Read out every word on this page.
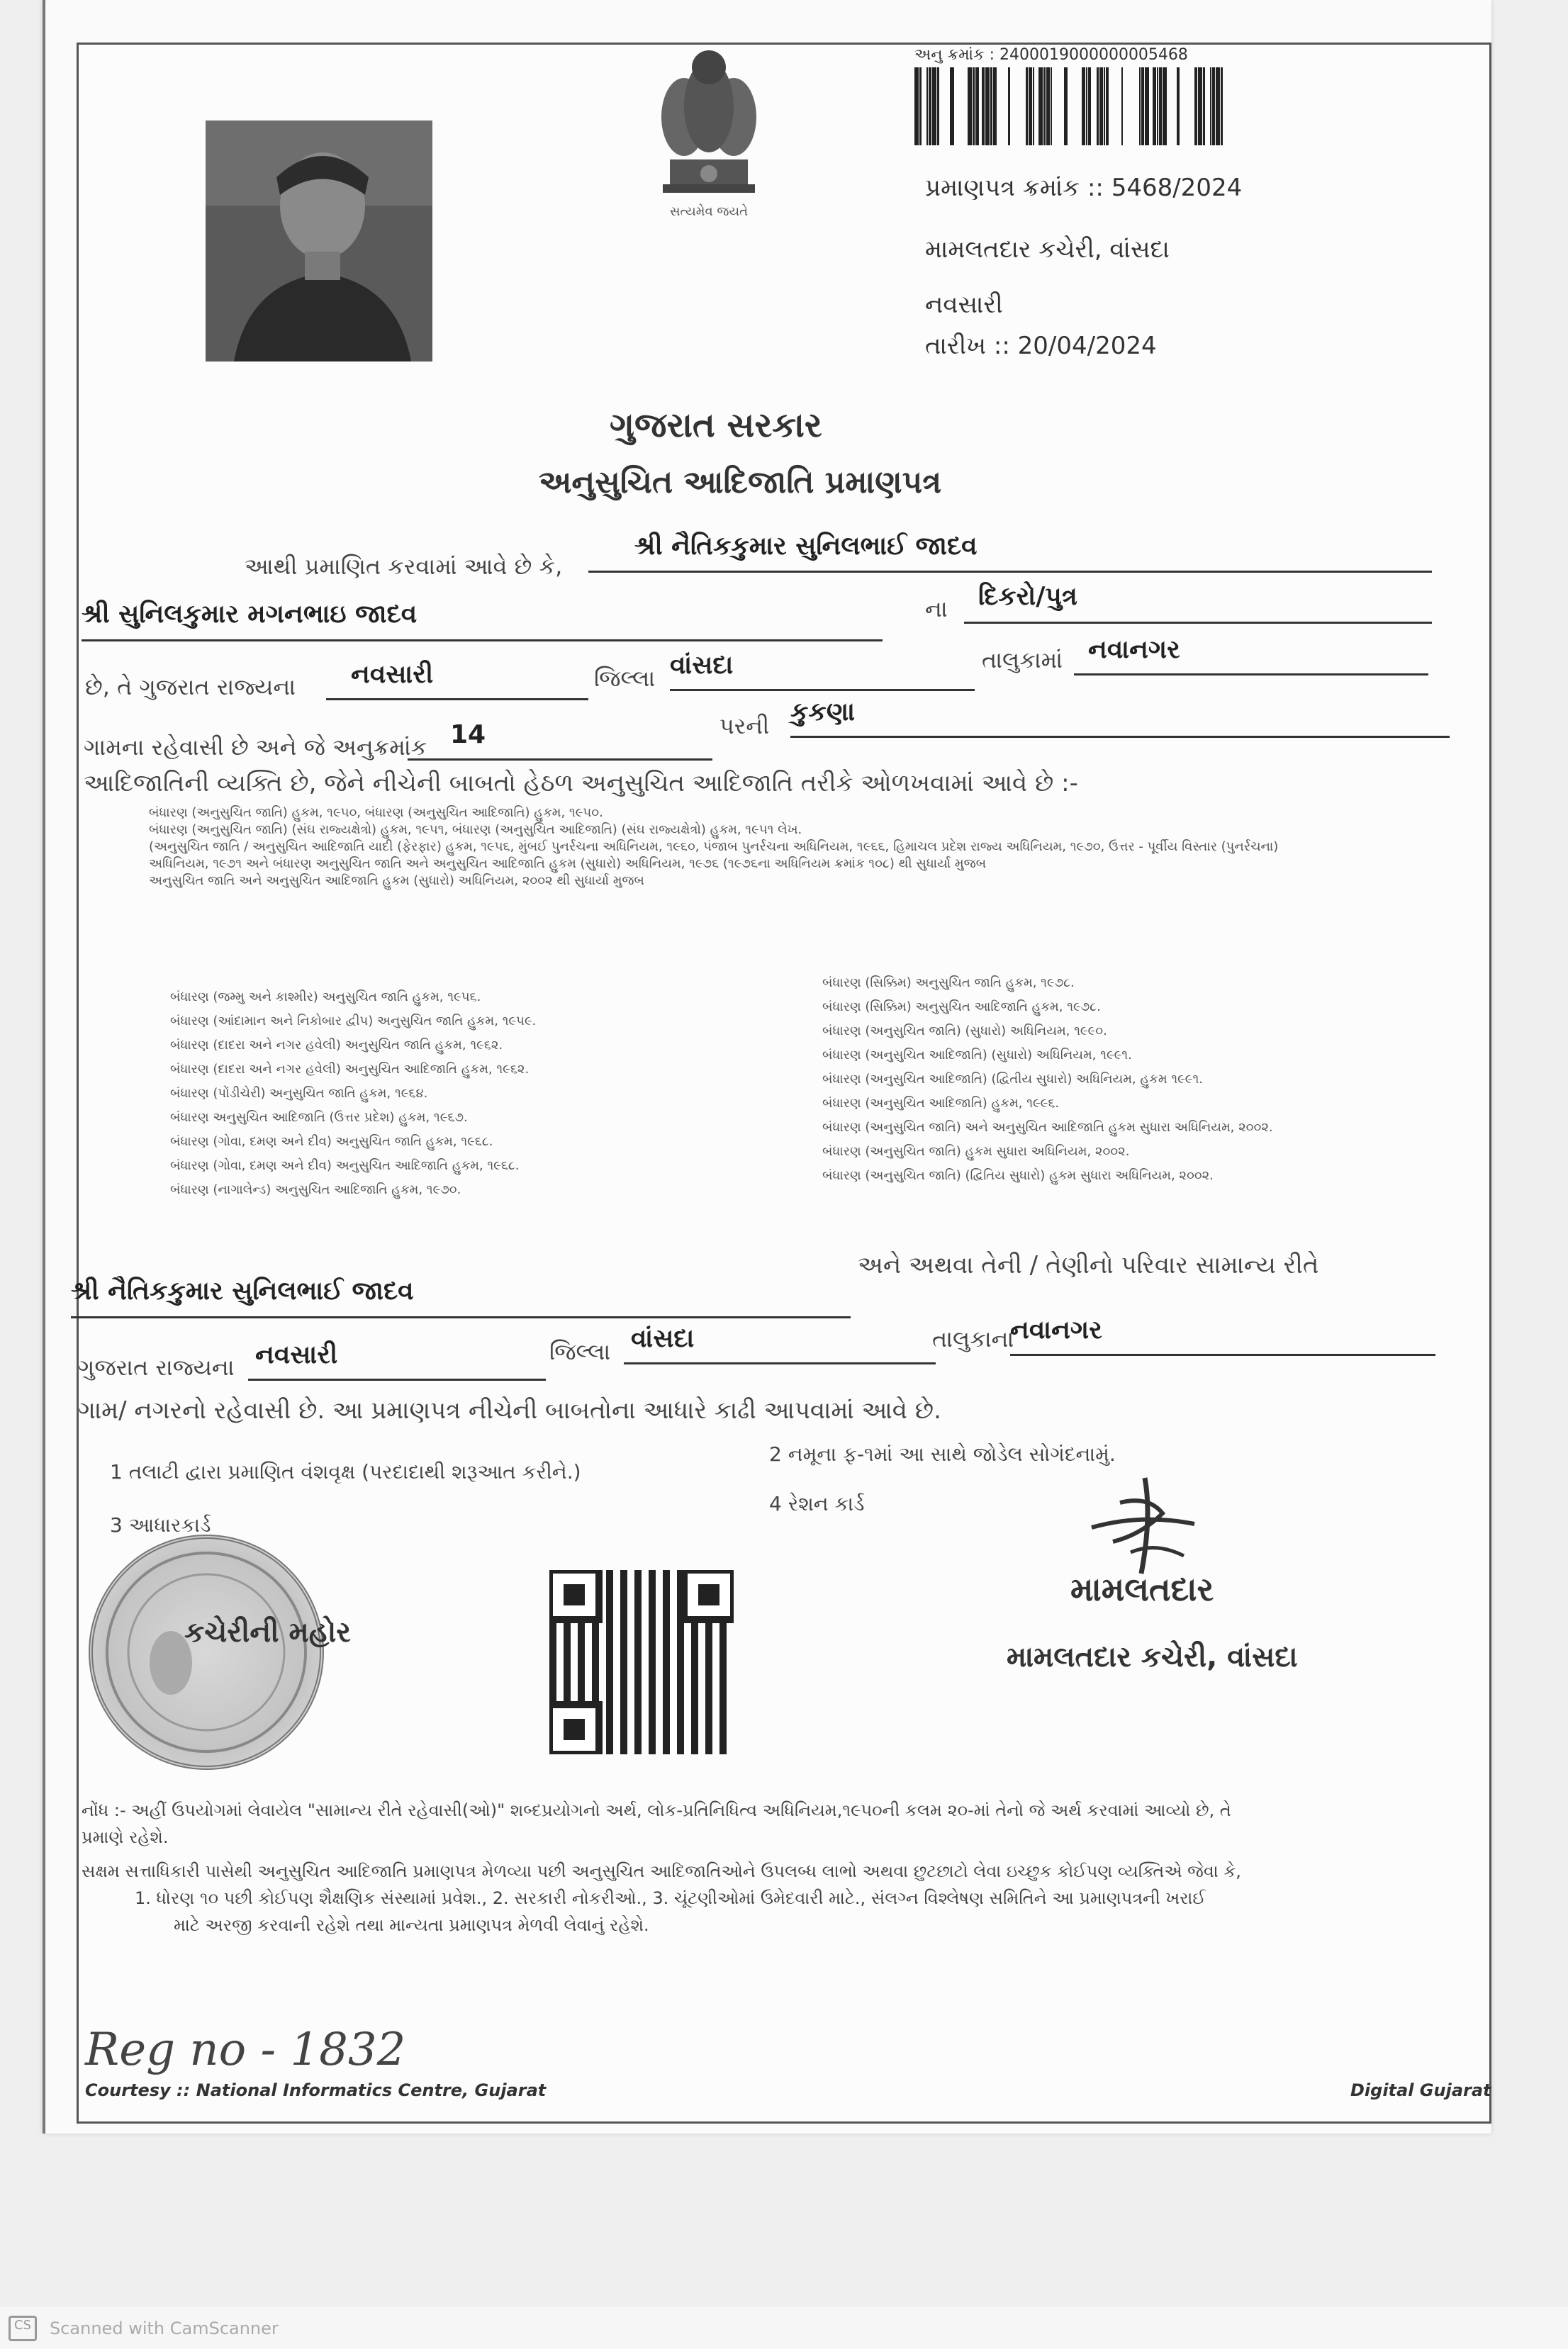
સત્યમેવ જયતે
અનુ ક્રમાંક : 2400019000000005468
પ્રમાણપત્ર ક્રમાંક :: 5468/2024
મામલતદાર કચેરી, વાંસદા
નવસારી
તારીખ :: 20/04/2024
ગુજરાત સરકાર
અનુસુચિત આદિજાતિ પ્રમાણપત્ર
આથી પ્રમાણિત કરવામાં આવે છે કે,
શ્રી નૈતિકકુમાર સુનિલભાઈ જાદવ
શ્રી સુનિલકુમાર મગનભાઇ જાદવ	ના દિકરો/પુત્ર
છે, તે ગુજરાત રાજ્યના નવસારી	જિલ્લા વાંસદા	તાલુકામાં નવાનગર
ગામના રહેવાસી છે અને જે અનુક્રમાંક 14	પરની કુકણા
આદિજાતિની વ્યક્તિ છે, જેને નીચેની બાબતો હેઠળ અનુસુચિત આદિજાતિ તરીકે ઓળખવામાં આવે છે :-
બંધારણ (અનુસુચિત જાતિ) હુકમ, ૧૯૫૦, બંધારણ (અનુસુચિત આદિજાતિ) હુકમ, ૧૯૫૦.
બંધારણ (અનુસુચિત જાતિ) (સંઘ રાજ્યક્ષેત્રો) હુકમ, ૧૯૫૧, બંધારણ (અનુસુચિત આદિજાતિ) (સંઘ રાજ્યક્ષેત્રો) હુકમ, ૧૯૫૧ લેખ.
(અનુસુચિત જાતિ / અનુસુચિત આદિજાતિ યાદી (ફેરફાર) હુકમ, ૧૯૫૬, મુંબઈ પુનર્રચના અધિનિયમ, ૧૯૬૦, પંજાબ પુનર્રચના અધિનિયમ, ૧૯૬૬, હિમાચલ પ્રદેશ રાજ્ય અધિનિયમ, ૧૯૭૦, ઉત્તર - પૂર્વીય વિસ્તાર (પુનર્રચના)
અધિનિયમ, ૧૯૭૧ અને બંધારણ અનુસુચિત જાતિ અને અનુસુચિત આદિજાતિ હુકમ (સુધારો) અધિનિયમ, ૧૯૭૬ (૧૯૭૬ના અધિનિયમ ક્રમાંક ૧૦૮) થી સુધાર્યા મુજબ
અનુસુચિત જાતિ અને અનુસુચિત આદિજાતિ હુકમ (સુધારો) અધિનિયમ, ૨૦૦૨ થી સુધાર્યા મુજબ
બંધારણ (જમ્મુ અને કાશ્મીર) અનુસુચિત જાતિ હુકમ, ૧૯૫૬.
બંધારણ (આંદામાન અને નિકોબાર દ્વીપ) અનુસુચિત જાતિ હુકમ, ૧૯૫૯.
બંધારણ (દાદરા અને નગર હવેલી) અનુસુચિત જાતિ હુકમ, ૧૯૬૨.
બંધારણ (દાદરા અને નગર હવેલી) અનુસુચિત આદિજાતિ હુકમ, ૧૯૬૨.
બંધારણ (પોંડીચેરી) અનુસુચિત જાતિ હુકમ, ૧૯૬૪.
બંધારણ અનુસુચિત આદિજાતિ (ઉત્તર પ્રદેશ) હુકમ, ૧૯૬૭.
બંધારણ (ગોવા, દમણ અને દીવ) અનુસુચિત જાતિ હુકમ, ૧૯૬૮.
બંધારણ (ગોવા, દમણ અને દીવ) અનુસુચિત આદિજાતિ હુકમ, ૧૯૬૮.
બંધારણ (નાગાલેન્ડ) અનુસુચિત આદિજાતિ હુકમ, ૧૯૭૦.
બંધારણ (સિક્કિમ) અનુસુચિત જાતિ હુકમ, ૧૯૭૮.
બંધારણ (સિક્કિમ) અનુસુચિત આદિજાતિ હુકમ, ૧૯૭૮.
બંધારણ (અનુસુચિત જાતિ) (સુધારો) અધિનિયમ, ૧૯૯૦.
બંધારણ (અનુસુચિત આદિજાતિ) (સુધારો) અધિનિયમ, ૧૯૯૧.
બંધારણ (અનુસુચિત આદિજાતિ) (દ્વિતીય સુધારો) અધિનિયમ, હુકમ ૧૯૯૧.
બંધારણ (અનુસુચિત આદિજાતિ) હુકમ, ૧૯૯૬.
બંધારણ (અનુસુચિત જાતિ) અને અનુસુચિત આદિજાતિ હુકમ સુધારા અધિનિયમ, ૨૦૦૨.
બંધારણ (અનુસુચિત જાતિ) હુકમ સુધારા અધિનિયમ, ૨૦૦૨.
બંધારણ (અનુસુચિત જાતિ) (દ્વિતિય સુધારો) હુકમ સુધારા અધિનિયમ, ૨૦૦૨.
શ્રી નૈતિકકુમાર સુનિલભાઈ જાદવ
અને અથવા તેની / તેણીનો પરિવાર સામાન્ય રીતે
ગુજરાત રાજ્યના નવસારી	જિલ્લા વાંસદા	તાલુકાના
નવાનગર
ગામ/ નગરનો રહેવાસી છે. આ પ્રમાણપત્ર નીચેની બાબતોના આધારે કાઢી આપવામાં આવે છે.
1 તલાટી દ્વારા પ્રમાણિત વંશવૃક્ષ (પરદાદાથી શરૂઆત કરીને.)
2 નમૂના ફ-૧માં આ સાથે જોડેલ સોગંદનામું.
3 આધારકાર્ડ
4 રેશન કાર્ડ
કચેરીની મહોર
મામલતદાર
મામલતદાર કચેરી, વાંસદા
નોંધ :- અહીં ઉપયોગમાં લેવાયેલ "સામાન્ય રીતે રહેવાસી(ઓ)" શબ્દપ્રયોગનો અર્થ, લોક-પ્રતિનિધિત્વ અધિનિયમ,૧૯૫૦ની કલમ ૨૦-માં તેનો જે અર્થ કરવામાં આવ્યો છે, તે
પ્રમાણે રહેશે.
સક્ષમ સત્તાધિકારી પાસેથી અનુસુચિત આદિજાતિ પ્રમાણપત્ર મેળવ્યા પછી અનુસુચિત આદિજાતિઓને ઉપલબ્ધ લાભો અથવા છુટછાટો લેવા ઇચ્છુક કોઈપણ વ્યક્તિએ જેવા કે,
1. ધોરણ ૧૦ પછી કોઈપણ શૈક્ષણિક સંસ્થામાં પ્રવેશ., 2. સરકારી નોકરીઓ., 3. ચૂંટણીઓમાં ઉમેદવારી માટે., સંલગ્ન વિશ્લેષણ સમિતિને આ પ્રમાણપત્રની ખરાઈ
માટે અરજી કરવાની રહેશે તથા માન્યતા પ્રમાણપત્ર મેળવી લેવાનું રહેશે.
Reg no - 1832
Courtesy :: National Informatics Centre, Gujarat	Digital Gujarat
CS	Scanned with CamScanner
